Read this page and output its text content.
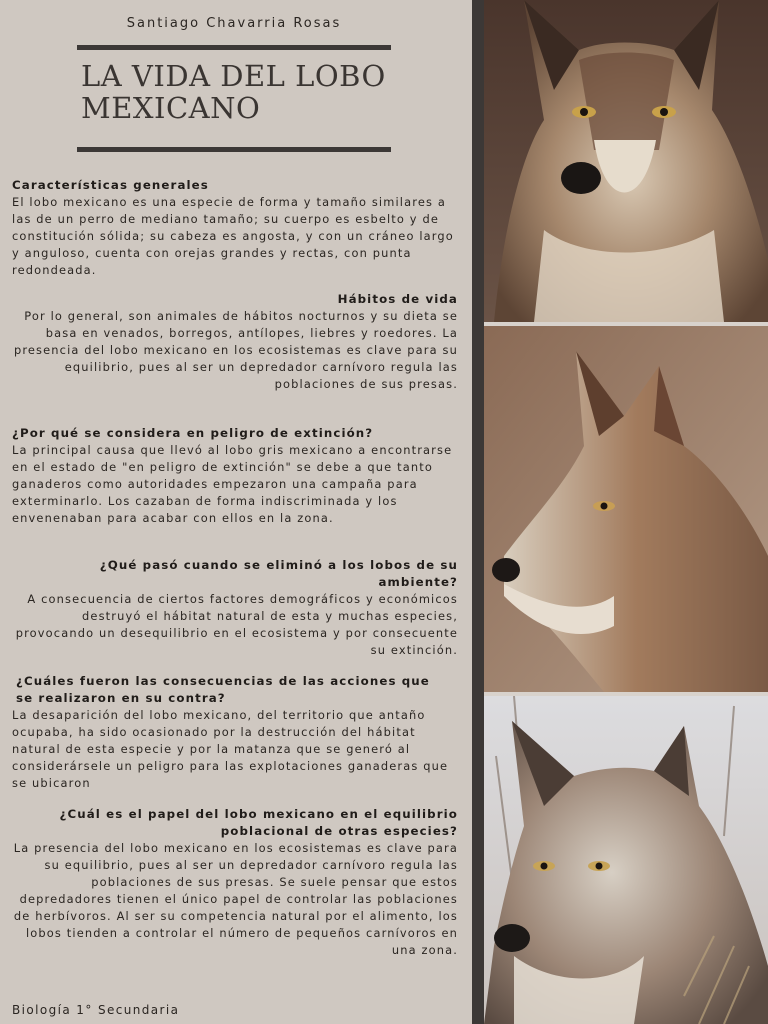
Santiago Chavarria Rosas
LA VIDA DEL LOBO MEXICANO
Características generales

El lobo mexicano es una especie de forma y tamaño similares a las de un perro de mediano tamaño; su cuerpo es esbelto y de constitución sólida; su cabeza es angosta, y con un cráneo largo y anguloso, cuenta con orejas grandes y rectas, con punta redondeada.

Hábitos de vida

Por lo general, son animales de hábitos nocturnos y su dieta se basa en venados, borregos, antílopes, liebres y roedores. La presencia del lobo mexicano en los ecosistemas es clave para su equilibrio, pues al ser un depredador carnívoro regula las poblaciones de sus presas.

¿Por qué se considera en peligro de extinción?

La principal causa que llevó al lobo gris mexicano a encontrarse en el estado de "en peligro de extinción" se debe a que tanto ganaderos como autoridades empezaron una campaña para exterminarlo. Los cazaban de forma indiscriminada y los envenenaban para acabar con ellos en la zona.

¿Qué pasó cuando se eliminó a los lobos de su ambiente?

A consecuencia de ciertos factores demográficos y económicos destruyó el hábitat natural de esta y muchas especies, provocando un desequilibrio en el ecosistema y por consecuente su extinción.

¿Cuáles fueron las consecuencias de las acciones que se realizaron en su contra?

La desaparición del lobo mexicano, del territorio que antaño ocupaba, ha sido ocasionado por la destrucción del hábitat natural de esta especie y por la matanza que se generó al considerársele un peligro para las explotaciones ganaderas que se ubicaron

¿Cuál es el papel del lobo mexicano en el equilibrio poblacional de otras especies?

La presencia del lobo mexicano en los ecosistemas es clave para su equilibrio, pues al ser un depredador carnívoro regula las poblaciones de sus presas. Se suele pensar que estos depredadores tienen el único papel de controlar las poblaciones de herbívoros. Al ser su competencia natural por el alimento, los lobos tienden a controlar el número de pequeños carnívoros en una zona.

Biología 1° Secundaria
